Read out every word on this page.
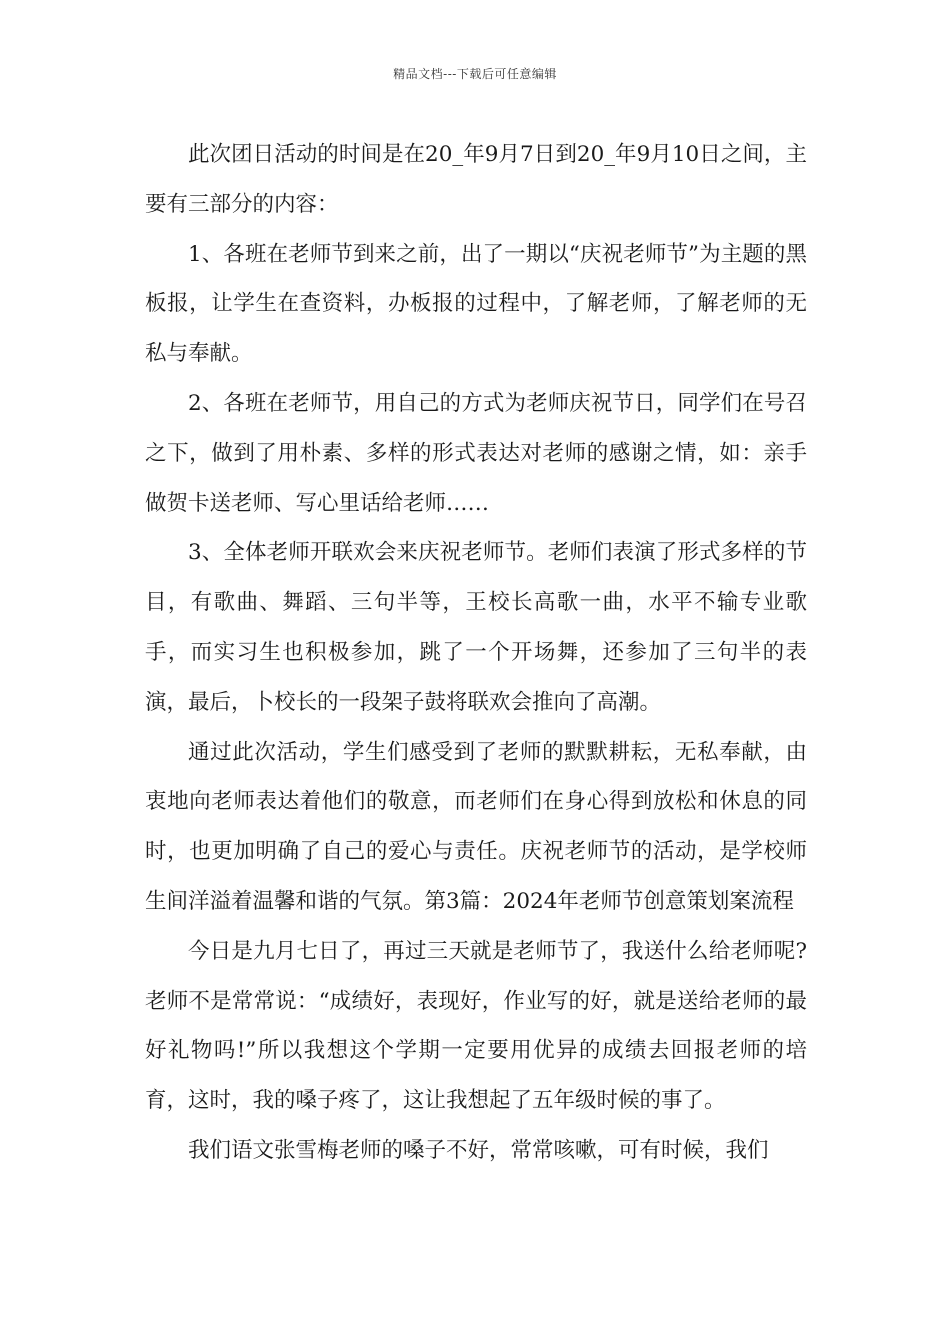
精品文档---下载后可任意编辑

此次团日活动的时间是在20_年9月7日到20_年9月10日之间，主要有三部分的内容：

1、各班在老师节到来之前，出了一期以“庆祝老师节”为主题的黑板报，让学生在查资料，办板报的过程中，了解老师，了解老师的无私与奉献。

2、各班在老师节，用自己的方式为老师庆祝节日，同学们在号召之下，做到了用朴素、多样的形式表达对老师的感谢之情，如：亲手做贺卡送老师、写心里话给老师……

3、全体老师开联欢会来庆祝老师节。老师们表演了形式多样的节目，有歌曲、舞蹈、三句半等，王校长高歌一曲，水平不输专业歌手，而实习生也积极参加，跳了一个开场舞，还参加了三句半的表演，最后，卜校长的一段架子鼓将联欢会推向了高潮。

通过此次活动，学生们感受到了老师的默默耕耘，无私奉献，由衷地向老师表达着他们的敬意，而老师们在身心得到放松和休息的同时，也更加明确了自己的爱心与责任。庆祝老师节的活动，是学校师生间洋溢着温馨和谐的气氛。第3篇：2024年老师节创意策划案流程

今日是九月七日了，再过三天就是老师节了，我送什么给老师呢?老师不是常常说：“成绩好，表现好，作业写的好，就是送给老师的最好礼物吗!”所以我想这个学期一定要用优异的成绩去回报老师的培育，这时，我的嗓子疼了，这让我想起了五年级时候的事了。

我们语文张雪梅老师的嗓子不好，常常咳嗽，可有时候，我们
